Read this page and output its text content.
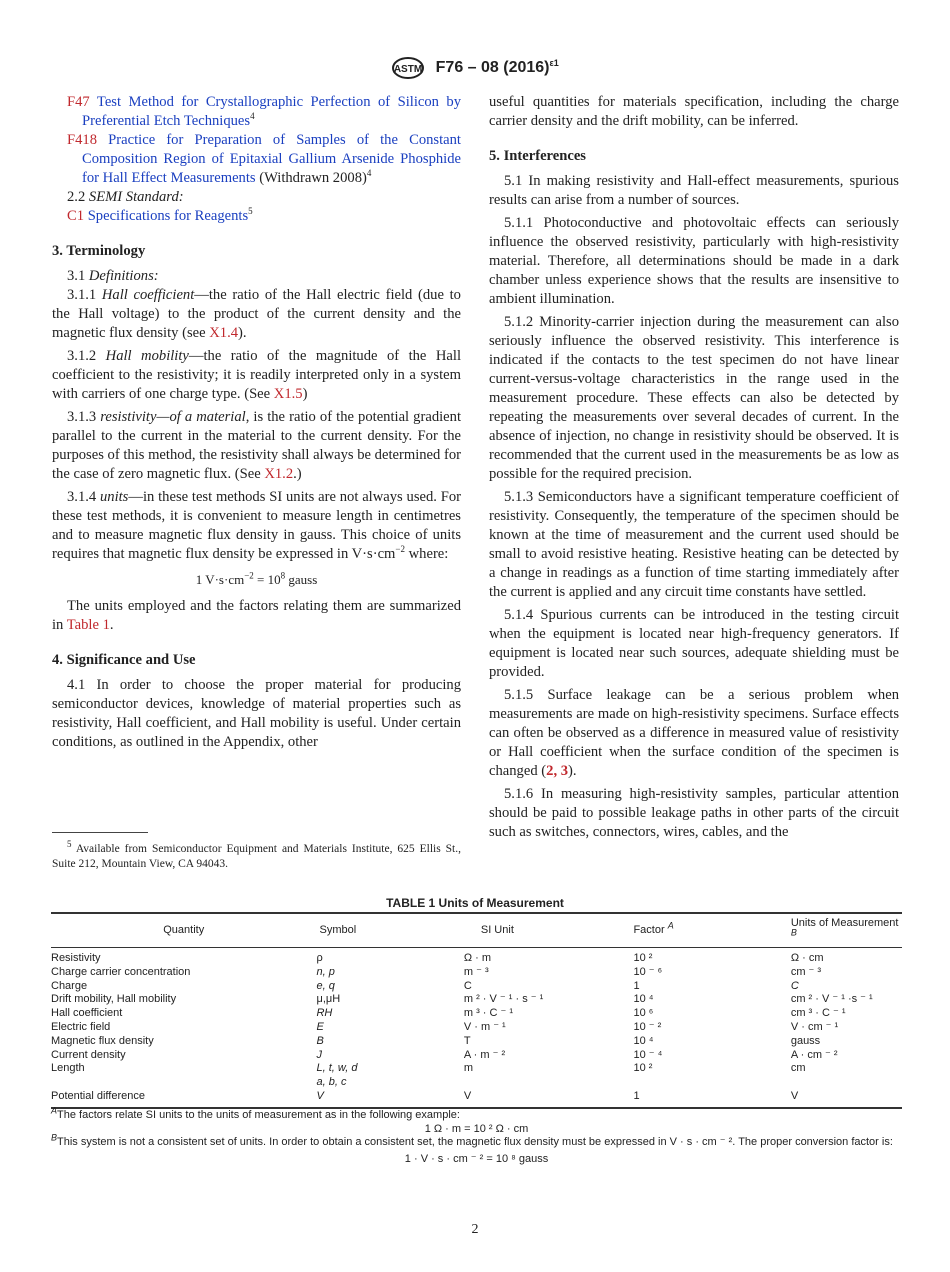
ASTM F76 – 08 $(2016)^{\varepsilon 1}$

F47 Test Method for Crystallographic Perfection of Silicon by Preferential Etch Techniques$^4$

F418 Practice for Preparation of Samples of the Constant Composition Region of Epitaxial Gallium Arsenide Phosphide for Hall Effect Measurements (Withdrawn 2008)$^4$

2.2 SEMI Standard:

C1 Specifications for Reagents$^5$

3. Terminology

3.1 Definitions:

3.1.1 Hall coefficient—the ratio of the Hall electric field (due to the Hall voltage) to the product of the current density and the magnetic flux density (see X1.4).

3.1.2 Hall mobility—the ratio of the magnitude of the Hall coefficient to the resistivity; it is readily interpreted only in a system with carriers of one charge type. (See X1.5)

3.1.3 resistivity—of a material, is the ratio of the potential gradient parallel to the current in the material to the current density. For the purposes of this method, the resistivity shall always be determined for the case of zero magnetic flux. (See X1.2.)

3.1.4 units—in these test methods SI units are not always used. For these test methods, it is convenient to measure length in centimetres and to measure magnetic flux density in gauss. This choice of units requires that magnetic flux density be expressed in $V\cdot s\cdot cm^{-2}$ where:

1 $V\cdot s\cdot cm^{-2} = 10^8$ gauss

The units employed and the factors relating them are summarized in Table 1.

4. Significance and Use

4.1 In order to choose the proper material for producing semiconductor devices, knowledge of material properties such as resistivity, Hall coefficient, and Hall mobility is useful. Under certain conditions, as outlined in the Appendix, other

$^5$ Available from Semiconductor Equipment and Materials Institute, 625 Ellis St., Suite 212, Mountain View, CA 94043.

useful quantities for materials specification, including the charge carrier density and the drift mobility, can be inferred.

5. Interferences

5.1 In making resistivity and Hall-effect measurements, spurious results can arise from a number of sources.

5.1.1 Photoconductive and photovoltaic effects can seriously influence the observed resistivity, particularly with high-resistivity material. Therefore, all determinations should be made in a dark chamber unless experience shows that the results are insensitive to ambient illumination.

5.1.2 Minority-carrier injection during the measurement can also seriously influence the observed resistivity. This interference is indicated if the contacts to the test specimen do not have linear current-versus-voltage characteristics in the range used in the measurement procedure. These effects can also be detected by repeating the measurements over several decades of current. In the absence of injection, no change in resistivity should be observed. It is recommended that the current used in the measurements be as low as possible for the required precision.

5.1.3 Semiconductors have a significant temperature coefficient of resistivity. Consequently, the temperature of the specimen should be known at the time of measurement and the current used should be small to avoid resistive heating. Resistive heating can be detected by a change in readings as a function of time starting immediately after the current is applied and any circuit time constants have settled.

5.1.4 Spurious currents can be introduced in the testing circuit when the equipment is located near high-frequency generators. If equipment is located near such sources, adequate shielding must be provided.

5.1.5 Surface leakage can be a serious problem when measurements are made on high-resistivity specimens. Surface effects can often be observed as a difference in measured value of resistivity or Hall coefficient when the surface condition of the specimen is changed (2, 3).

5.1.6 In measuring high-resistivity samples, particular attention should be paid to possible leakage paths in other parts of the circuit such as switches, connectors, wires, cables, and the

TABLE 1 Units of Measurement
Quantity	Symbol	SI Unit	Factor $^A$	Units of Measurement $^B$
Resistivity	ρ	Ω · m	10 ²	Ω · cm
Charge carrier concentration	n, p	m ⁻ ³	10 ⁻ ⁶	cm ⁻ ³
Charge	e, q	C	1	C
Drift mobility, Hall mobility	μ,μH	m ² · V ⁻ ¹ · s ⁻ ¹	10 ⁴	cm ² · V ⁻ ¹ ·s ⁻ ¹
Hall coefficient	RH	m ³ · C ⁻ ¹	10 ⁶	cm ³ · C ⁻ ¹
Electric field	E	V · m ⁻ ¹	10 ⁻ ²	V · cm ⁻ ¹
Magnetic flux density	B	T	10 ⁴	gauss
Current density	J	A · m ⁻ ²	10 ⁻ ⁴	A · cm ⁻ ²
Length	L, t, w, d	m	10 ²	cm
	a, b, c			
Potential difference	V	V	1	V
$^A$The factors relate SI units to the units of measurement as in the following example:
1 Ω · m = 10 ² Ω · cm
$^B$This system is not a consistent set of units. In order to obtain a consistent set, the magnetic flux density must be expressed in V · s · cm ⁻ ². The proper conversion factor is:
1 · V · s · cm ⁻ ² = 10 ⁸ gauss
2
